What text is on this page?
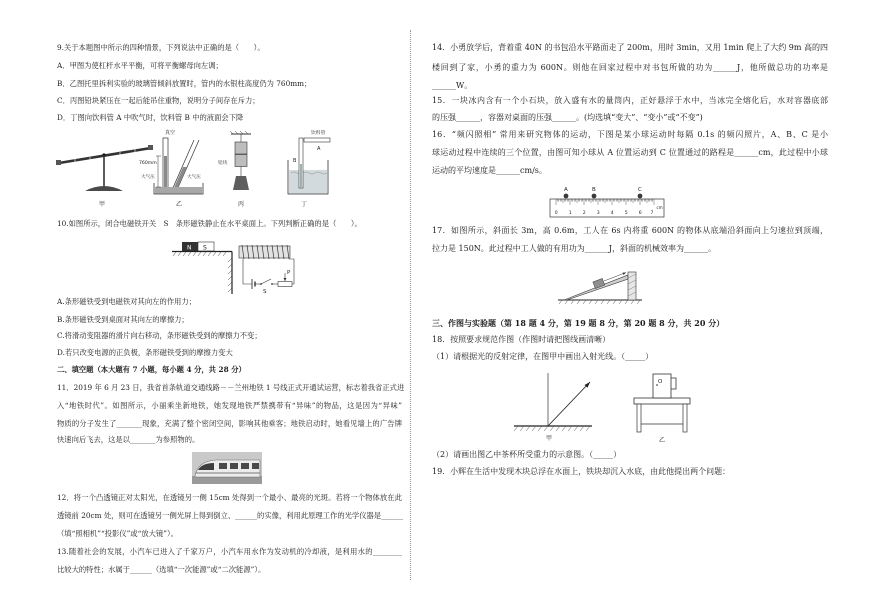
9.关于本题图中所示的四种情景，下列说法中正确的是（　　）。
A．甲图为使杠杆水平平衡，可将平衡螺母向左调；
B．乙图托里拆利实验的玻璃管倾斜放置时，管内的水银柱高度仍为 760mm；
C．丙图铅块紧压在一起后能吊住重物，说明分子间存在斥力；
D．丁图向饮料管 A 中吹气时，饮料管 B 中的液面会下降
甲
真空
760mm
大气压	大气压
乙
铅块
丙
饮料管
A
B
丁
10.如图所示，闭合电磁铁开关　S　条形磁铁静止在水平桌面上。下列判断正确的是（　　）。
N S
S
P
A.条形磁铁受到电磁铁对其向左的作用力；
B.条形磁铁受到桌面对其向左的摩擦力；
C.将滑动变阻器的滑片向右移动，条形磁铁受到的摩擦力不变；
D.若只改变电源的正负极，条形磁铁受到的摩擦力变大
二、填空题（本大题有 7 小题，每小题 4 分，共 28 分）
11．2019 年 6 月 23 日，我省首条轨道交通线路－－兰州地铁 1 号线正式开通试运营，标志着我省正式进
入“地铁时代”。如图所示，小丽乘坐新地铁，她发现地铁严禁携带有“异味”的物品，这是因为“异味”
物质的分子发生了_______现象，充满了整个密闭空间，影响其他乘客；地铁启动时，她看见墙上的广告牌
快速向后飞去，这是以_______为参照物的。
12．将一个凸透镜正对太阳光，在透镜另一侧 15cm 处得到一个最小、最亮的光斑。若将一个物体放在此
透镜前 20cm 处，则可在透镜另一侧光屏上得到倒立、______的实像，利用此原理工作的光学仪器是______
（填“照相机”“投影仪”或“放大镜”）。
13.随着社会的发展，小汽车已进入了千家万户，小汽车用水作为发动机的冷却液，是利用水的________
比较大的特性；水属于______（选填“一次能源”或“二次能源”）。
14．小勇放学后，背着重 40N 的书包沿水平路面走了 200m，用时 3min，又用 1min 爬上了大约 9m 高的四
楼回到了家，小勇的重力为 600N。则他在回家过程中对书包所做的功为______J，他所做总功的功率是
______W。
15．一块冰内含有一个小石块，放入盛有水的量筒内，正好悬浮于水中，当冰完全熔化后，水对容器底部
的压强______，容器对桌面的压强______。(均选填“变大”、“变小”或“不变”)
16．“频闪照相” 常用来研究物体的运动，下图是某小球运动时每隔 0.1s 的频闪照片，A、B、C 是小
球运动过程中连续的三个位置，由图可知小球从 A 位置运动到 C 位置通过的路程是______cm，此过程中小球
运动的平均速度是______cm/s。
A	B	C
0 1 2 3 4 5 6 7
cm
17．如图所示，斜面长 3m，高 0.6m，工人在 6s 内将重 600N 的物体从底端沿斜面向上匀速拉到顶端，
拉力是 150N。此过程中工人做的有用功为______J，斜面的机械效率为______。
三、作图与实验题（第 18 题 4 分，第 19 题 8 分，第 20 题 8 分，共 20 分）
18．按照要求规范作图（作图时请把图线画清晰）
（1）请根据光的反射定律，在图甲中画出入射光线。（_____）
甲
O
乙
（2）请画出图乙中茶杯所受重力的示意图。（_____）
19．小辉在生活中发现木块总浮在水面上，铁块却沉入水底，由此他提出两个问题：
